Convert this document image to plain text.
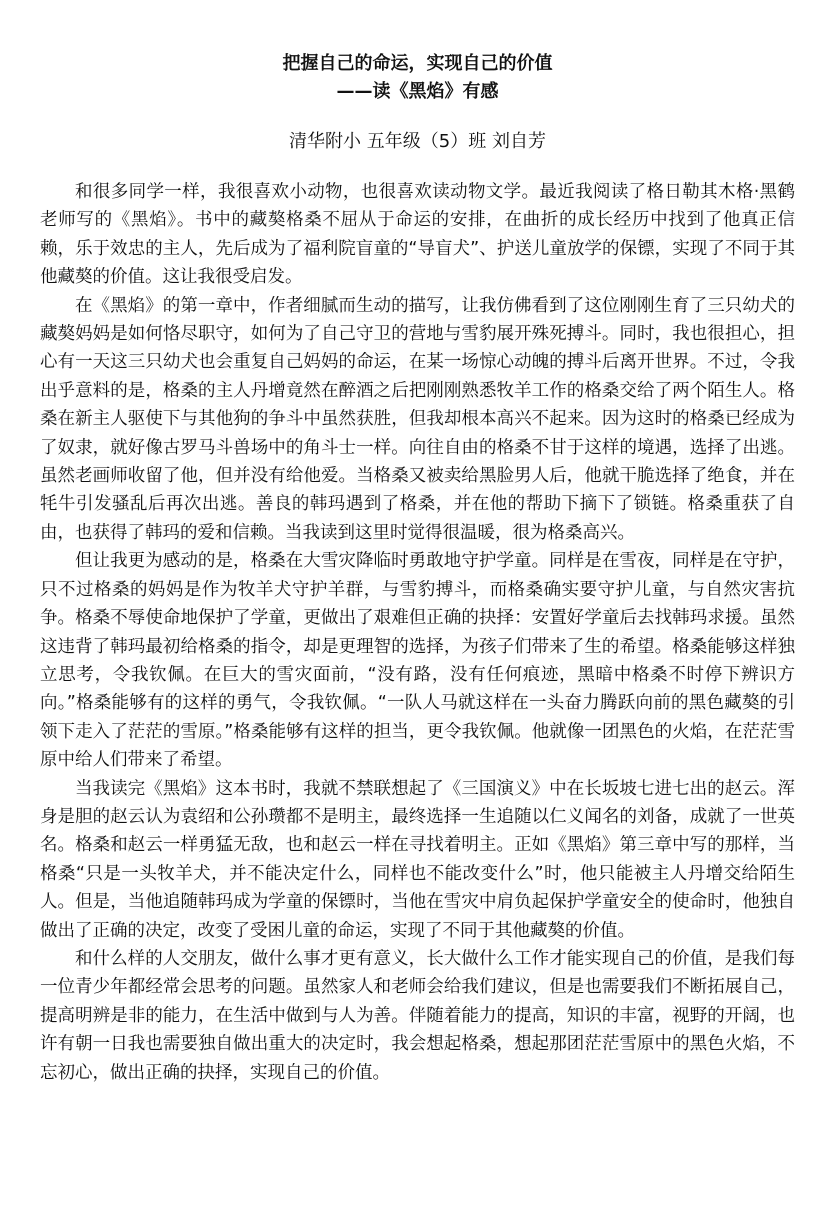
把握自己的命运，实现自己的价值
——读《黑焰》有感
清华附小 五年级（5）班 刘自芳

和很多同学一样，我很喜欢小动物，也很喜欢读动物文学。最近我阅读了格日勒其木格·黑鹤老师写的《黑焰》。书中的藏獒格桑不屈从于命运的安排，在曲折的成长经历中找到了他真正信赖，乐于效忠的主人，先后成为了福利院盲童的“导盲犬”、护送儿童放学的保镖，实现了不同于其他藏獒的价值。这让我很受启发。

在《黑焰》的第一章中，作者细腻而生动的描写，让我仿佛看到了这位刚刚生育了三只幼犬的藏獒妈妈是如何恪尽职守，如何为了自己守卫的营地与雪豹展开殊死搏斗。同时，我也很担心，担心有一天这三只幼犬也会重复自己妈妈的命运，在某一场惊心动魄的搏斗后离开世界。不过，令我出乎意料的是，格桑的主人丹增竟然在醉酒之后把刚刚熟悉牧羊工作的格桑交给了两个陌生人。格桑在新主人驱使下与其他狗的争斗中虽然获胜，但我却根本高兴不起来。因为这时的格桑已经成为了奴隶，就好像古罗马斗兽场中的角斗士一样。向往自由的格桑不甘于这样的境遇，选择了出逃。虽然老画师收留了他，但并没有给他爱。当格桑又被卖给黑脸男人后，他就干脆选择了绝食，并在牦牛引发骚乱后再次出逃。善良的韩玛遇到了格桑，并在他的帮助下摘下了锁链。格桑重获了自由，也获得了韩玛的爱和信赖。当我读到这里时觉得很温暖，很为格桑高兴。

但让我更为感动的是，格桑在大雪灾降临时勇敢地守护学童。同样是在雪夜，同样是在守护，只不过格桑的妈妈是作为牧羊犬守护羊群，与雪豹搏斗，而格桑确实要守护儿童，与自然灾害抗争。格桑不辱使命地保护了学童，更做出了艰难但正确的抉择：安置好学童后去找韩玛求援。虽然这违背了韩玛最初给格桑的指令，却是更理智的选择，为孩子们带来了生的希望。格桑能够这样独立思考，令我钦佩。在巨大的雪灾面前，“没有路，没有任何痕迹，黑暗中格桑不时停下辨识方向。”格桑能够有的这样的勇气，令我钦佩。“一队人马就这样在一头奋力腾跃向前的黑色藏獒的引领下走入了茫茫的雪原。”格桑能够有这样的担当，更令我钦佩。他就像一团黑色的火焰，在茫茫雪原中给人们带来了希望。

当我读完《黑焰》这本书时，我就不禁联想起了《三国演义》中在长坂坡七进七出的赵云。浑身是胆的赵云认为袁绍和公孙瓒都不是明主，最终选择一生追随以仁义闻名的刘备，成就了一世英名。格桑和赵云一样勇猛无敌，也和赵云一样在寻找着明主。正如《黑焰》第三章中写的那样，当格桑“只是一头牧羊犬，并不能决定什么，同样也不能改变什么”时，他只能被主人丹增交给陌生人。但是，当他追随韩玛成为学童的保镖时，当他在雪灾中肩负起保护学童安全的使命时，他独自做出了正确的决定，改变了受困儿童的命运，实现了不同于其他藏獒的价值。

和什么样的人交朋友，做什么事才更有意义，长大做什么工作才能实现自己的价值，是我们每一位青少年都经常会思考的问题。虽然家人和老师会给我们建议，但是也需要我们不断拓展自己，提高明辨是非的能力，在生活中做到与人为善。伴随着能力的提高，知识的丰富，视野的开阔，也许有朝一日我也需要独自做出重大的决定时，我会想起格桑，想起那团茫茫雪原中的黑色火焰，不忘初心，做出正确的抉择，实现自己的价值。
